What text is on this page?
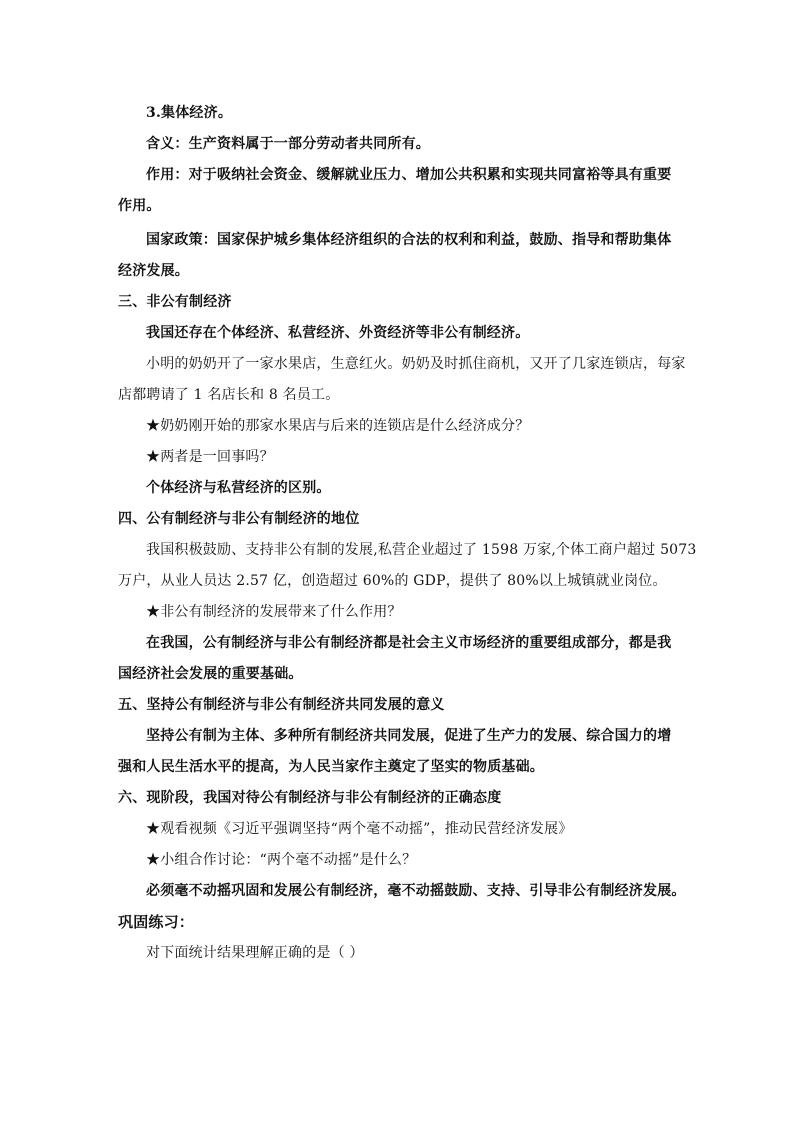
3.集体经济。
含义：生产资料属于一部分劳动者共同所有。
作用：对于吸纳社会资金、缓解就业压力、增加公共积累和实现共同富裕等具有重要
作用。
国家政策：国家保护城乡集体经济组织的合法的权利和利益，鼓励、指导和帮助集体
经济发展。
三、非公有制经济
我国还存在个体经济、私营经济、外资经济等非公有制经济。
小明的奶奶开了一家水果店，生意红火。奶奶及时抓住商机，又开了几家连锁店，每家
店都聘请了 1 名店长和 8 名员工。
★奶奶刚开始的那家水果店与后来的连锁店是什么经济成分？
★两者是一回事吗？
个体经济与私营经济的区别。
四、公有制经济与非公有制经济的地位
我国积极鼓励、支持非公有制的发展,私营企业超过了 1598 万家,个体工商户超过 5073
万户，从业人员达 2.57 亿，创造超过 60%的 GDP，提供了 80%以上城镇就业岗位。
★非公有制经济的发展带来了什么作用？
在我国，公有制经济与非公有制经济都是社会主义市场经济的重要组成部分，都是我
国经济社会发展的重要基础。
五、坚持公有制经济与非公有制经济共同发展的意义
坚持公有制为主体、多种所有制经济共同发展，促进了生产力的发展、综合国力的增
强和人民生活水平的提高，为人民当家作主奠定了坚实的物质基础。
六、现阶段，我国对待公有制经济与非公有制经济的正确态度
★观看视频《习近平强调坚持“两个毫不动摇”，推动民营经济发展》
★小组合作讨论：“两个毫不动摇”是什么？
必须毫不动摇巩固和发展公有制经济，毫不动摇鼓励、支持、引导非公有制经济发展。
巩固练习：
对下面统计结果理解正确的是（ ）
